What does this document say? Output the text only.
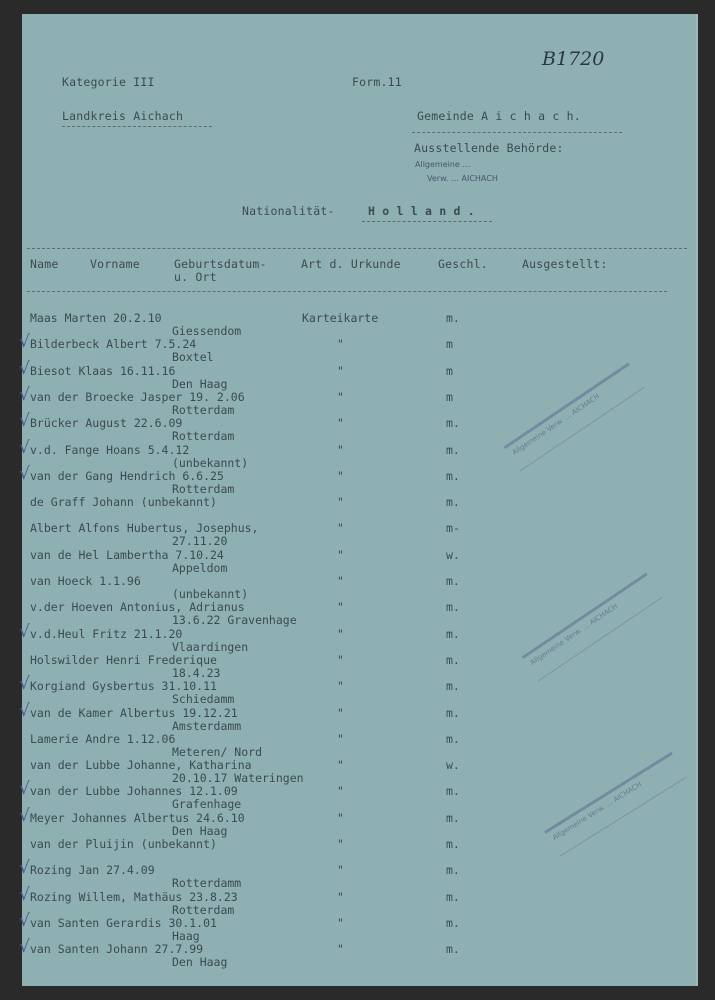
B1720
Kategorie III	Form.11
Landkreis Aichach	Gemeinde A i c h a c h.
Ausstellende Behörde:
Allgemeine …
Verw. … AICHACH
Nationalität-	H o l l a n d .
Name	Vorname	Geburtsdatum-
u. Ort
Art d. Urkunde	Geschl.	Ausgestellt:
Maas Marten 20.2.10	Karteikarte	m.
Giessendom
√ Bilderbeck Albert 7.5.24	"	m
Boxtel
√ Biesot Klaas 16.11.16	"	m
Den Haag
√ van der Broecke Jasper 19. 2.06	"	m
Rotterdam
√ Brücker August 22.6.09	"	m.
Rotterdam
√ v.d. Fange Hoans 5.4.12	"	m.
(unbekannt)
√ van der Gang Hendrich 6.6.25	"	m.
Rotterdam
de Graff Johann (unbekannt)	"	m.
Albert Alfons Hubertus, Josephus,	"	m-
27.11.20
van de Hel Lambertha 7.10.24	"	w.
Appeldom
van Hoeck 1.1.96	"	m.
(unbekannt)
v.der Hoeven Antonius, Adrianus	"	m.
13.6.22 Gravenhage
√ v.d.Heul Fritz 21.1.20	"	m.
Vlaardingen
Holswilder Henri Frederique	"	m.
18.4.23
√ Korgiand Gysbertus 31.10.11	"	m.
Schiedamm
√ van de Kamer Albertus 19.12.21	"	m.
Amsterdamm
Lamerie Andre 1.12.06	"	m.
Meteren/ Nord
van der Lubbe Johanne, Katharina	"	w.
20.10.17 Wateringen
√ van der Lubbe Johannes 12.1.09	"	m.
Grafenhage
√ Meyer Johannes Albertus 24.6.10	"	m.
Den Haag
van der Pluijin (unbekannt)	"	m.
√ Rozing Jan 27.4.09	"	m.
Rotterdamm
√ Rozing Willem, Mathäus 23.8.23	"	m.
Rotterdam
√ van Santen Gerardis 30.1.01	"	m.
Haag
√ van Santen Johann 27.7.99	"	m.
Den Haag
Allgemeine Verw. … AICHACH
Allgemeine Verw. … AICHACH
Allgemeine Verw. … AICHACH
